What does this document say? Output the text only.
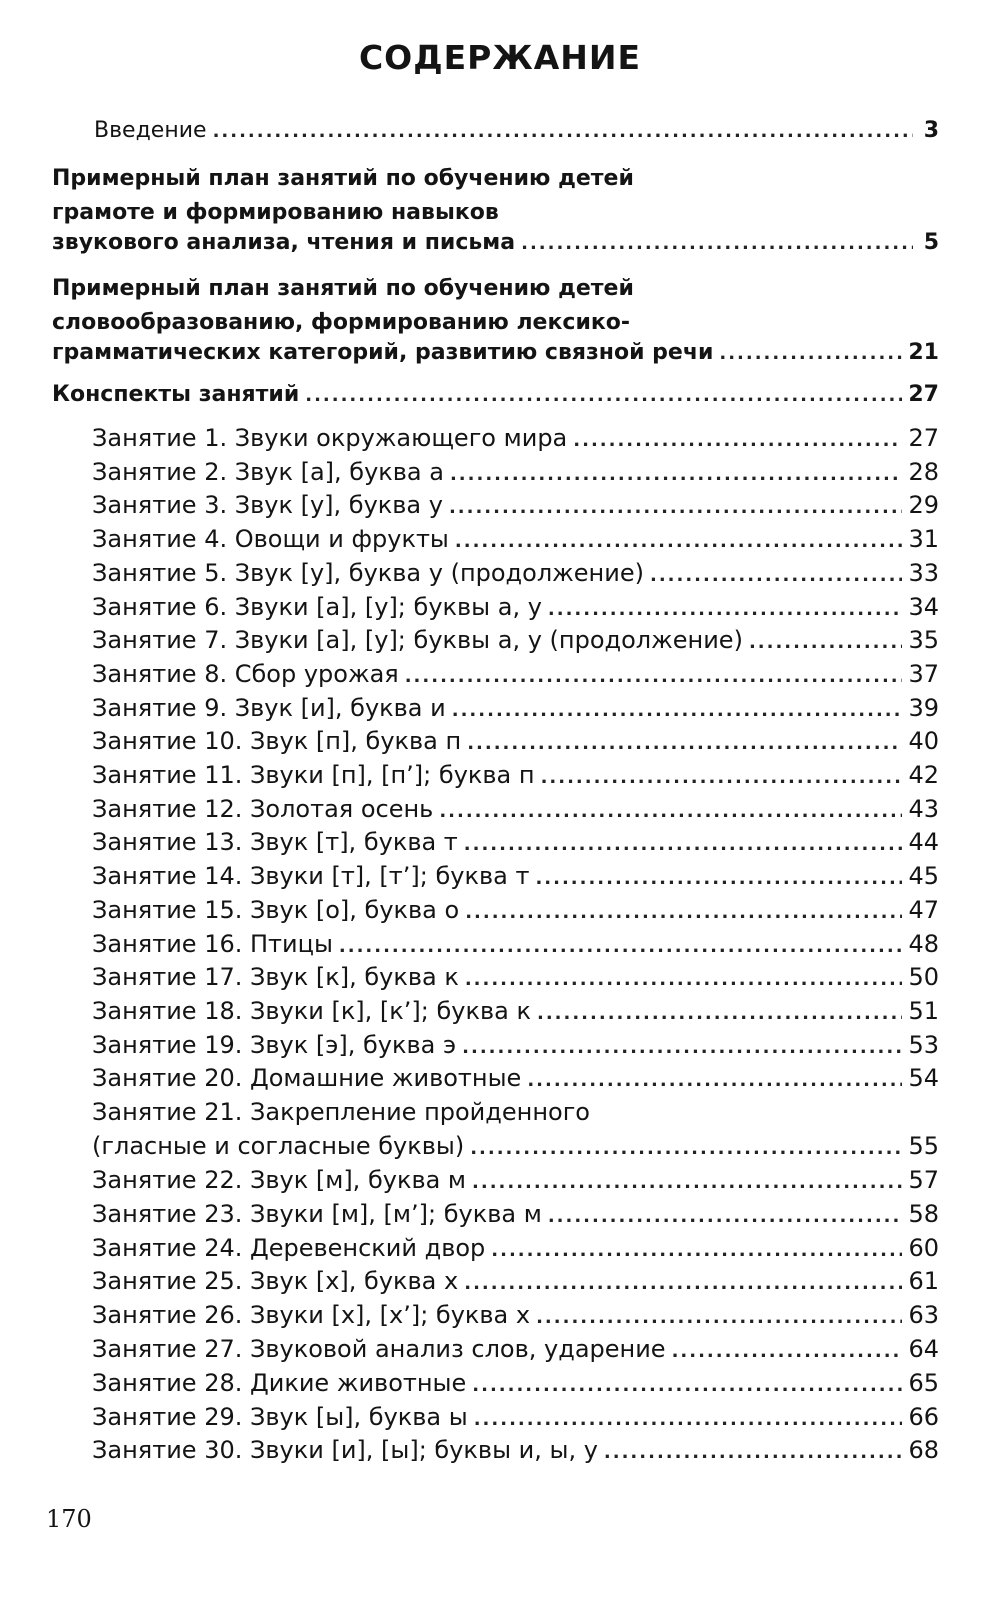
СОДЕРЖАНИЕ
Введение .....	3
Примерный план занятий по обучению детей
грамоте и формированию навыков
звукового анализа, чтения и письма .....	5
Примерный план занятий по обучению детей
словообразованию, формированию лексико-
грамматических категорий, развитию связной речи .....	21
Конспекты занятий .....	27
Занятие 1. Звуки окружающего мира .....	27
Занятие 2. Звук [а], буква а .....	28
Занятие 3. Звук [у], буква у .....	29
Занятие 4. Овощи и фрукты .....	31
Занятие 5. Звук [у], буква у (продолжение) .....	33
Занятие 6. Звуки [а], [у]; буквы а, у .....	34
Занятие 7. Звуки [а], [у]; буквы а, у (продолжение) .....	35
Занятие 8. Сбор урожая .....	37
Занятие 9. Звук [и], буква и .....	39
Занятие 10. Звук [п], буква п .....	40
Занятие 11. Звуки [п], [п’]; буква п .....	42
Занятие 12. Золотая осень .....	43
Занятие 13. Звук [т], буква т .....	44
Занятие 14. Звуки [т], [т’]; буква т .....	45
Занятие 15. Звук [о], буква о .....	47
Занятие 16. Птицы .....	48
Занятие 17. Звук [к], буква к .....	50
Занятие 18. Звуки [к], [к’]; буква к .....	51
Занятие 19. Звук [э], буква э .....	53
Занятие 20. Домашние животные .....	54
Занятие 21. Закрепление пройденного
(гласные и согласные буквы) .....	55
Занятие 22. Звук [м], буква м .....	57
Занятие 23. Звуки [м], [м’]; буква м .....	58
Занятие 24. Деревенский двор .....	60
Занятие 25. Звук [х], буква х .....	61
Занятие 26. Звуки [х], [х’]; буква х .....	63
Занятие 27. Звуковой анализ слов, ударение .....	64
Занятие 28. Дикие животные .....	65
Занятие 29. Звук [ы], буква ы .....	66
Занятие 30. Звуки [и], [ы]; буквы и, ы, у .....	68
170
